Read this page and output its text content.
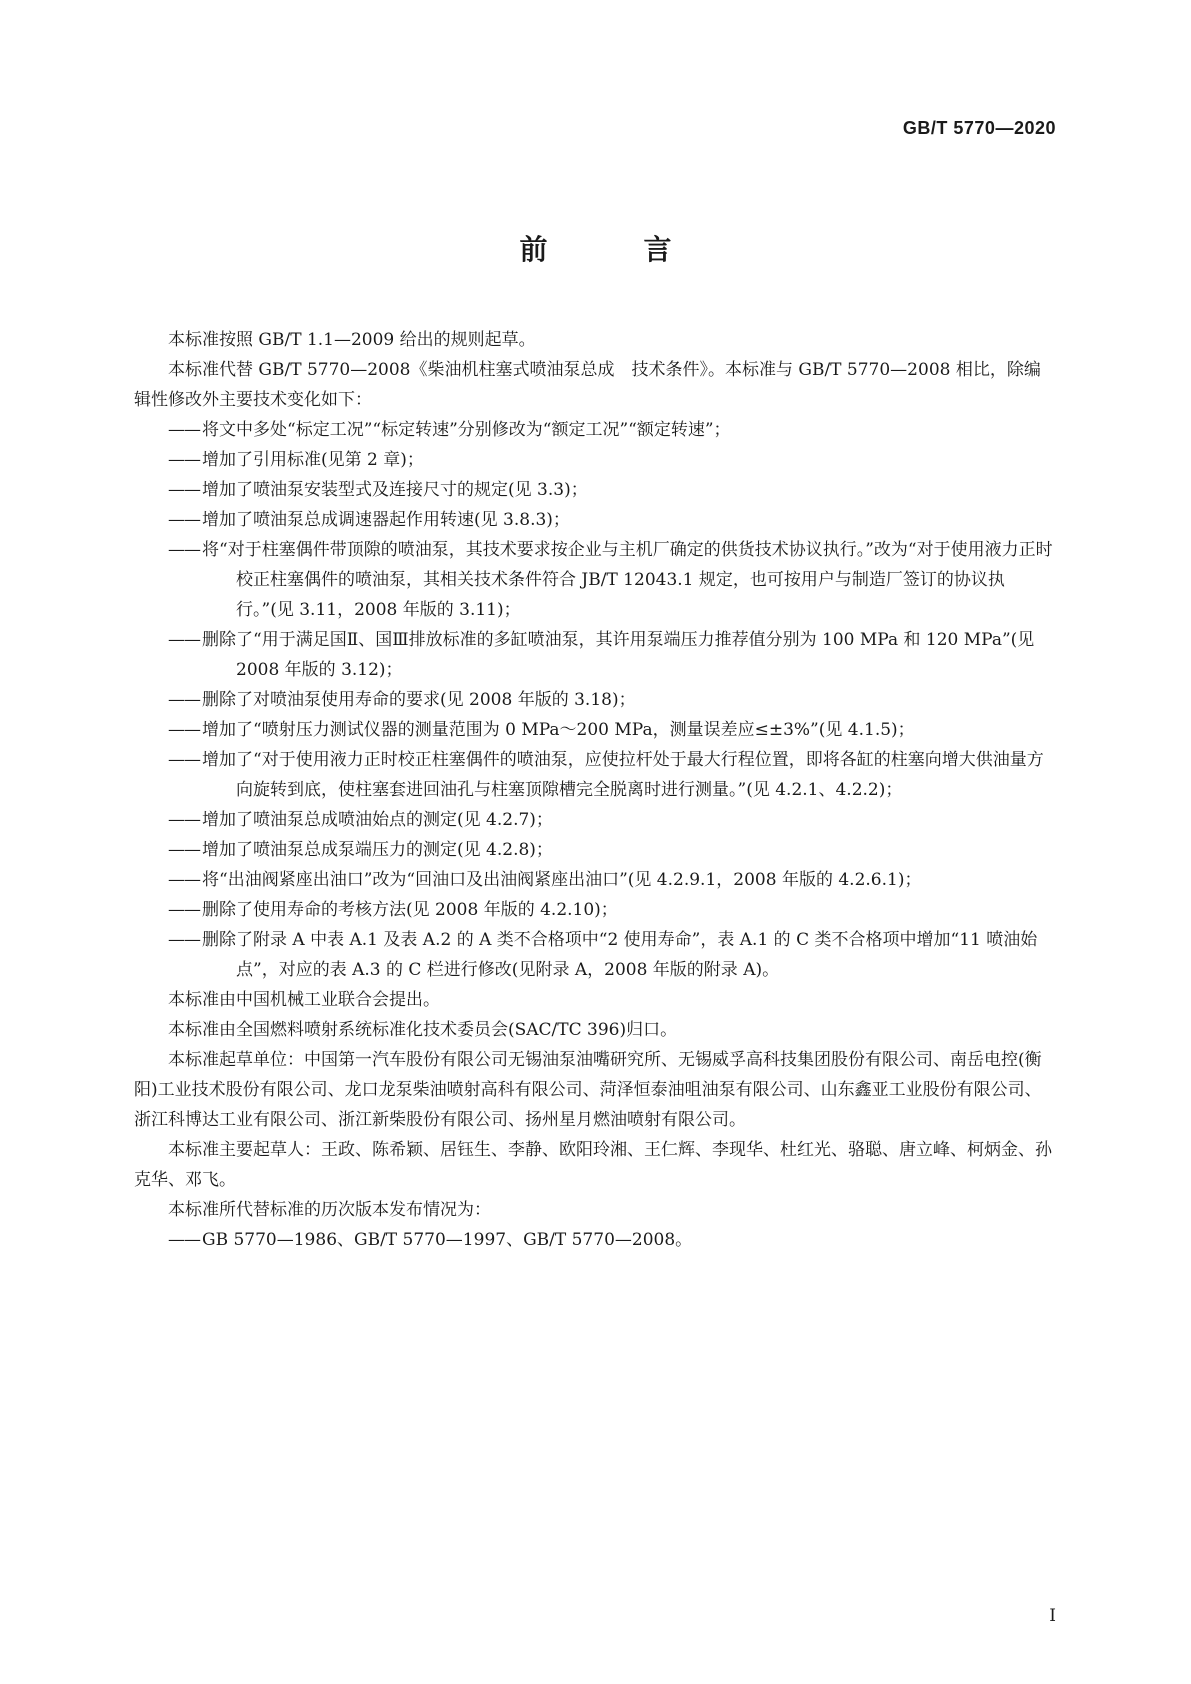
GB/T 5770—2020
前　言

本标准按照 GB/T 1.1—2009 给出的规则起草。

本标准代替 GB/T 5770—2008《柴油机柱塞式喷油泵总成　技术条件》。本标准与 GB/T 5770—2008 相比，除编辑性修改外主要技术变化如下：

—— 将文中多处“标定工况”“标定转速”分别修改为“额定工况”“额定转速”；
—— 增加了引用标准(见第 2 章)；
—— 增加了喷油泵安装型式及连接尺寸的规定(见 3.3)；
—— 增加了喷油泵总成调速器起作用转速(见 3.8.3)；
—— 将“对于柱塞偶件带顶隙的喷油泵，其技术要求按企业与主机厂确定的供货技术协议执行。”改为“对于使用液力正时校正柱塞偶件的喷油泵，其相关技术条件符合 JB/T 12043.1 规定，也可按用户与制造厂签订的协议执行。”(见 3.11，2008 年版的 3.11)；
—— 删除了“用于满足国Ⅱ、国Ⅲ排放标准的多缸喷油泵，其许用泵端压力推荐值分别为 100 MPa 和 120 MPa”(见 2008 年版的 3.12)；
—— 删除了对喷油泵使用寿命的要求(见 2008 年版的 3.18)；
—— 增加了“喷射压力测试仪器的测量范围为 0 MPa～200 MPa，测量误差应≤±3%”(见 4.1.5)；
—— 增加了“对于使用液力正时校正柱塞偶件的喷油泵，应使拉杆处于最大行程位置，即将各缸的柱塞向增大供油量方向旋转到底，使柱塞套进回油孔与柱塞顶隙槽完全脱离时进行测量。”(见 4.2.1、4.2.2)；
—— 增加了喷油泵总成喷油始点的测定(见 4.2.7)；
—— 增加了喷油泵总成泵端压力的测定(见 4.2.8)；
—— 将“出油阀紧座出油口”改为“回油口及出油阀紧座出油口”(见 4.2.9.1，2008 年版的 4.2.6.1)；
—— 删除了使用寿命的考核方法(见 2008 年版的 4.2.10)；
—— 删除了附录 A 中表 A.1 及表 A.2 的 A 类不合格项中“2 使用寿命”，表 A.1 的 C 类不合格项中增加“11 喷油始点”，对应的表 A.3 的 C 栏进行修改(见附录 A，2008 年版的附录 A)。

本标准由中国机械工业联合会提出。

本标准由全国燃料喷射系统标准化技术委员会(SAC/TC 396)归口。

本标准起草单位：中国第一汽车股份有限公司无锡油泵油嘴研究所、无锡威孚高科技集团股份有限公司、南岳电控(衡阳)工业技术股份有限公司、龙口龙泵柴油喷射高科有限公司、菏泽恒泰油咀油泵有限公司、山东鑫亚工业股份有限公司、浙江科博达工业有限公司、浙江新柴股份有限公司、扬州星月燃油喷射有限公司。

本标准主要起草人：王政、陈希颖、居钰生、李静、欧阳玲湘、王仁辉、李现华、杜红光、骆聪、唐立峰、柯炳金、孙克华、邓飞。

本标准所代替标准的历次版本发布情况为：

—— GB 5770—1986、GB/T 5770—1997、GB/T 5770—2008。
I
